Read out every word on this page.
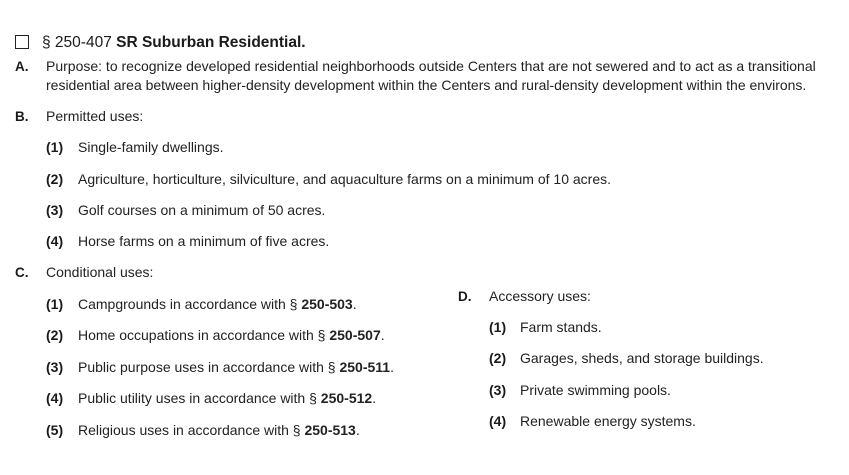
§ 250-407 SR Suburban Residential.
A. Purpose: to recognize developed residential neighborhoods outside Centers that are not sewered and to act as a transitional
residential area between higher-density development within the Centers and rural-density development within the environs.
B. Permitted uses:
(1) Single-family dwellings.
(2) Agriculture, horticulture, silviculture, and aquaculture farms on a minimum of 10 acres.
(3) Golf courses on a minimum of 50 acres.
(4) Horse farms on a minimum of five acres.
C. Conditional uses:
(1) Campgrounds in accordance with § 250-503.
(2) Home occupations in accordance with § 250-507.
(3) Public purpose uses in accordance with § 250-511.
(4) Public utility uses in accordance with § 250-512.
(5) Religious uses in accordance with § 250-513.
D. Accessory uses:
(1) Farm stands.
(2) Garages, sheds, and storage buildings.
(3) Private swimming pools.
(4) Renewable energy systems.
